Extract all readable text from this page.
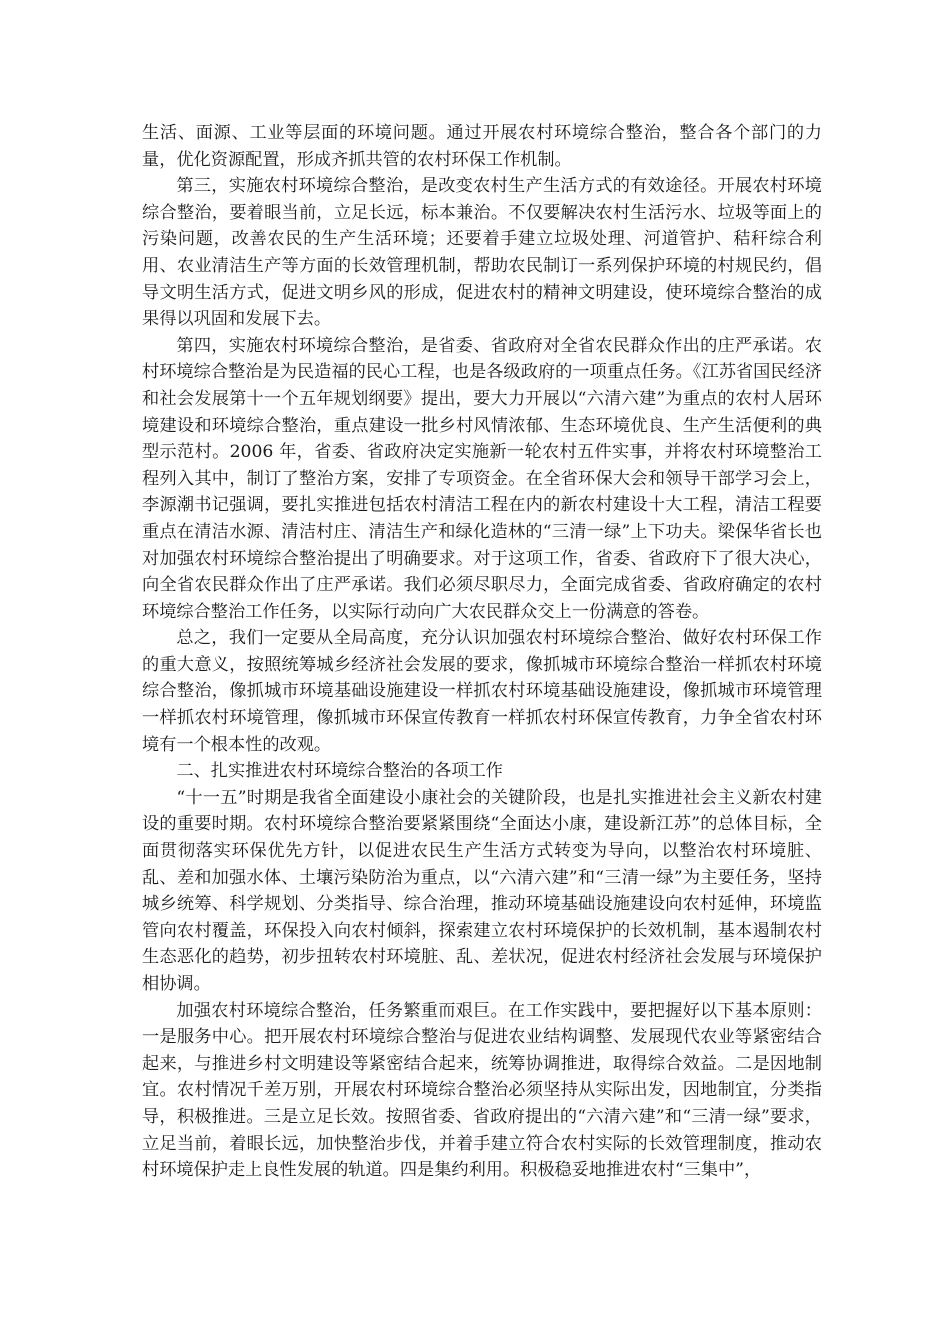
生活、面源、工业等层面的环境问题。通过开展农村环境综合整治，整合各个部门的力量，优化资源配置，形成齐抓共管的农村环保工作机制。

第三，实施农村环境综合整治，是改变农村生产生活方式的有效途径。开展农村环境综合整治，要着眼当前，立足长远，标本兼治。不仅要解决农村生活污水、垃圾等面上的污染问题，改善农民的生产生活环境；还要着手建立垃圾处理、河道管护、秸秆综合利用、农业清洁生产等方面的长效管理机制，帮助农民制订一系列保护环境的村规民约，倡导文明生活方式，促进文明乡风的形成，促进农村的精神文明建设，使环境综合整治的成果得以巩固和发展下去。

第四，实施农村环境综合整治，是省委、省政府对全省农民群众作出的庄严承诺。农村环境综合整治是为民造福的民心工程，也是各级政府的一项重点任务。《江苏省国民经济和社会发展第十一个五年规划纲要》提出，要大力开展以“六清六建”为重点的农村人居环境建设和环境综合整治，重点建设一批乡村风情浓郁、生态环境优良、生产生活便利的典型示范村。2006 年，省委、省政府决定实施新一轮农村五件实事，并将农村环境整治工程列入其中，制订了整治方案，安排了专项资金。在全省环保大会和领导干部学习会上，李源潮书记强调，要扎实推进包括农村清洁工程在内的新农村建设十大工程，清洁工程要重点在清洁水源、清洁村庄、清洁生产和绿化造林的“三清一绿”上下功夫。梁保华省长也对加强农村环境综合整治提出了明确要求。对于这项工作，省委、省政府下了很大决心，向全省农民群众作出了庄严承诺。我们必须尽职尽力，全面完成省委、省政府确定的农村环境综合整治工作任务，以实际行动向广大农民群众交上一份满意的答卷。

总之，我们一定要从全局高度，充分认识加强农村环境综合整治、做好农村环保工作的重大意义，按照统筹城乡经济社会发展的要求，像抓城市环境综合整治一样抓农村环境综合整治，像抓城市环境基础设施建设一样抓农村环境基础设施建设，像抓城市环境管理一样抓农村环境管理，像抓城市环保宣传教育一样抓农村环保宣传教育，力争全省农村环境有一个根本性的改观。

二、扎实推进农村环境综合整治的各项工作

“十一五”时期是我省全面建设小康社会的关键阶段，也是扎实推进社会主义新农村建设的重要时期。农村环境综合整治要紧紧围绕“全面达小康，建设新江苏”的总体目标，全面贯彻落实环保优先方针，以促进农民生产生活方式转变为导向，以整治农村环境脏、乱、差和加强水体、土壤污染防治为重点，以“六清六建”和“三清一绿”为主要任务，坚持城乡统筹、科学规划、分类指导、综合治理，推动环境基础设施建设向农村延伸，环境监管向农村覆盖，环保投入向农村倾斜，探索建立农村环境保护的长效机制，基本遏制农村生态恶化的趋势，初步扭转农村环境脏、乱、差状况，促进农村经济社会发展与环境保护相协调。

加强农村环境综合整治，任务繁重而艰巨。在工作实践中，要把握好以下基本原则：一是服务中心。把开展农村环境综合整治与促进农业结构调整、发展现代农业等紧密结合起来，与推进乡村文明建设等紧密结合起来，统筹协调推进，取得综合效益。二是因地制宜。农村情况千差万别，开展农村环境综合整治必须坚持从实际出发，因地制宜，分类指导，积极推进。三是立足长效。按照省委、省政府提出的“六清六建”和“三清一绿”要求，立足当前，着眼长远，加快整治步伐，并着手建立符合农村实际的长效管理制度，推动农村环境保护走上良性发展的轨道。四是集约利用。积极稳妥地推进农村“三集中”，
